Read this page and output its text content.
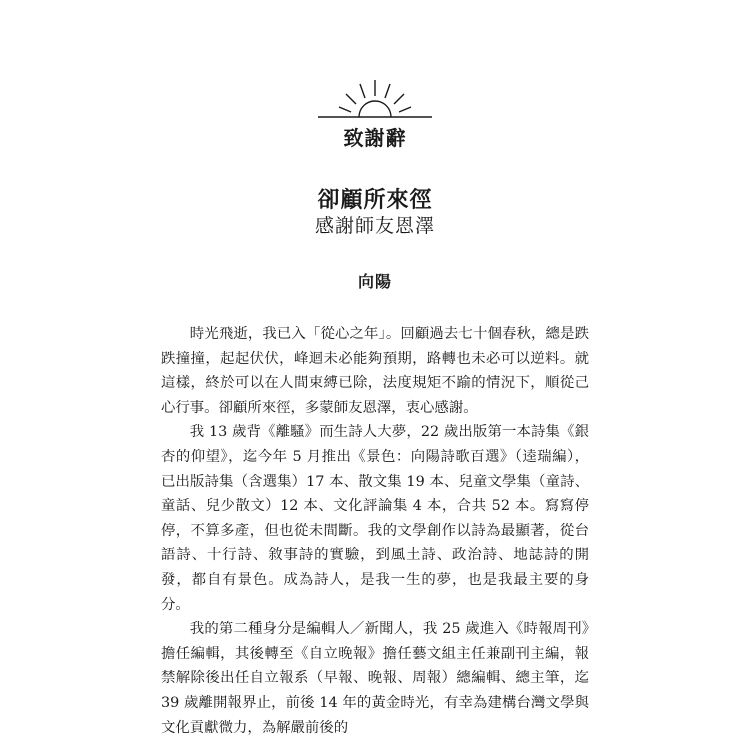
致謝辭
卻顧所來徑
感謝師友恩澤
向陽

時光飛逝，我已入「從心之年」。回顧過去七十個春秋，總是跌跌撞撞，起起伏伏，峰迴未必能夠預期，路轉也未必可以逆料。就這樣，終於可以在人間束縛已除，法度規矩不踰的情況下，順從己心行事。卻顧所來徑，多蒙師友恩澤，衷心感謝。

我 13 歲背《離騷》而生詩人大夢，22 歲出版第一本詩集《銀杏的仰望》，迄今年 5 月推出《景色：向陽詩歌百選》（逵瑞編），已出版詩集（含選集）17 本、散文集 19 本、兒童文學集（童詩、童話、兒少散文）12 本、文化評論集 4 本，合共 52 本。寫寫停停，不算多產，但也從未間斷。我的文學創作以詩為最顯著，從台語詩、十行詩、敘事詩的實驗，到風土詩、政治詩、地誌詩的開發，都自有景色。成為詩人，是我一生的夢，也是我最主要的身分。

我的第二種身分是編輯人／新聞人，我 25 歲進入《時報周刊》擔任編輯，其後轉至《自立晚報》擔任藝文組主任兼副刊主編，報禁解除後出任自立報系（早報、晚報、周報）總編輯、總主筆，迄 39 歲離開報界止，前後 14 年的黃金時光，有幸為建構台灣文學與文化貢獻微力，為解嚴前後的
